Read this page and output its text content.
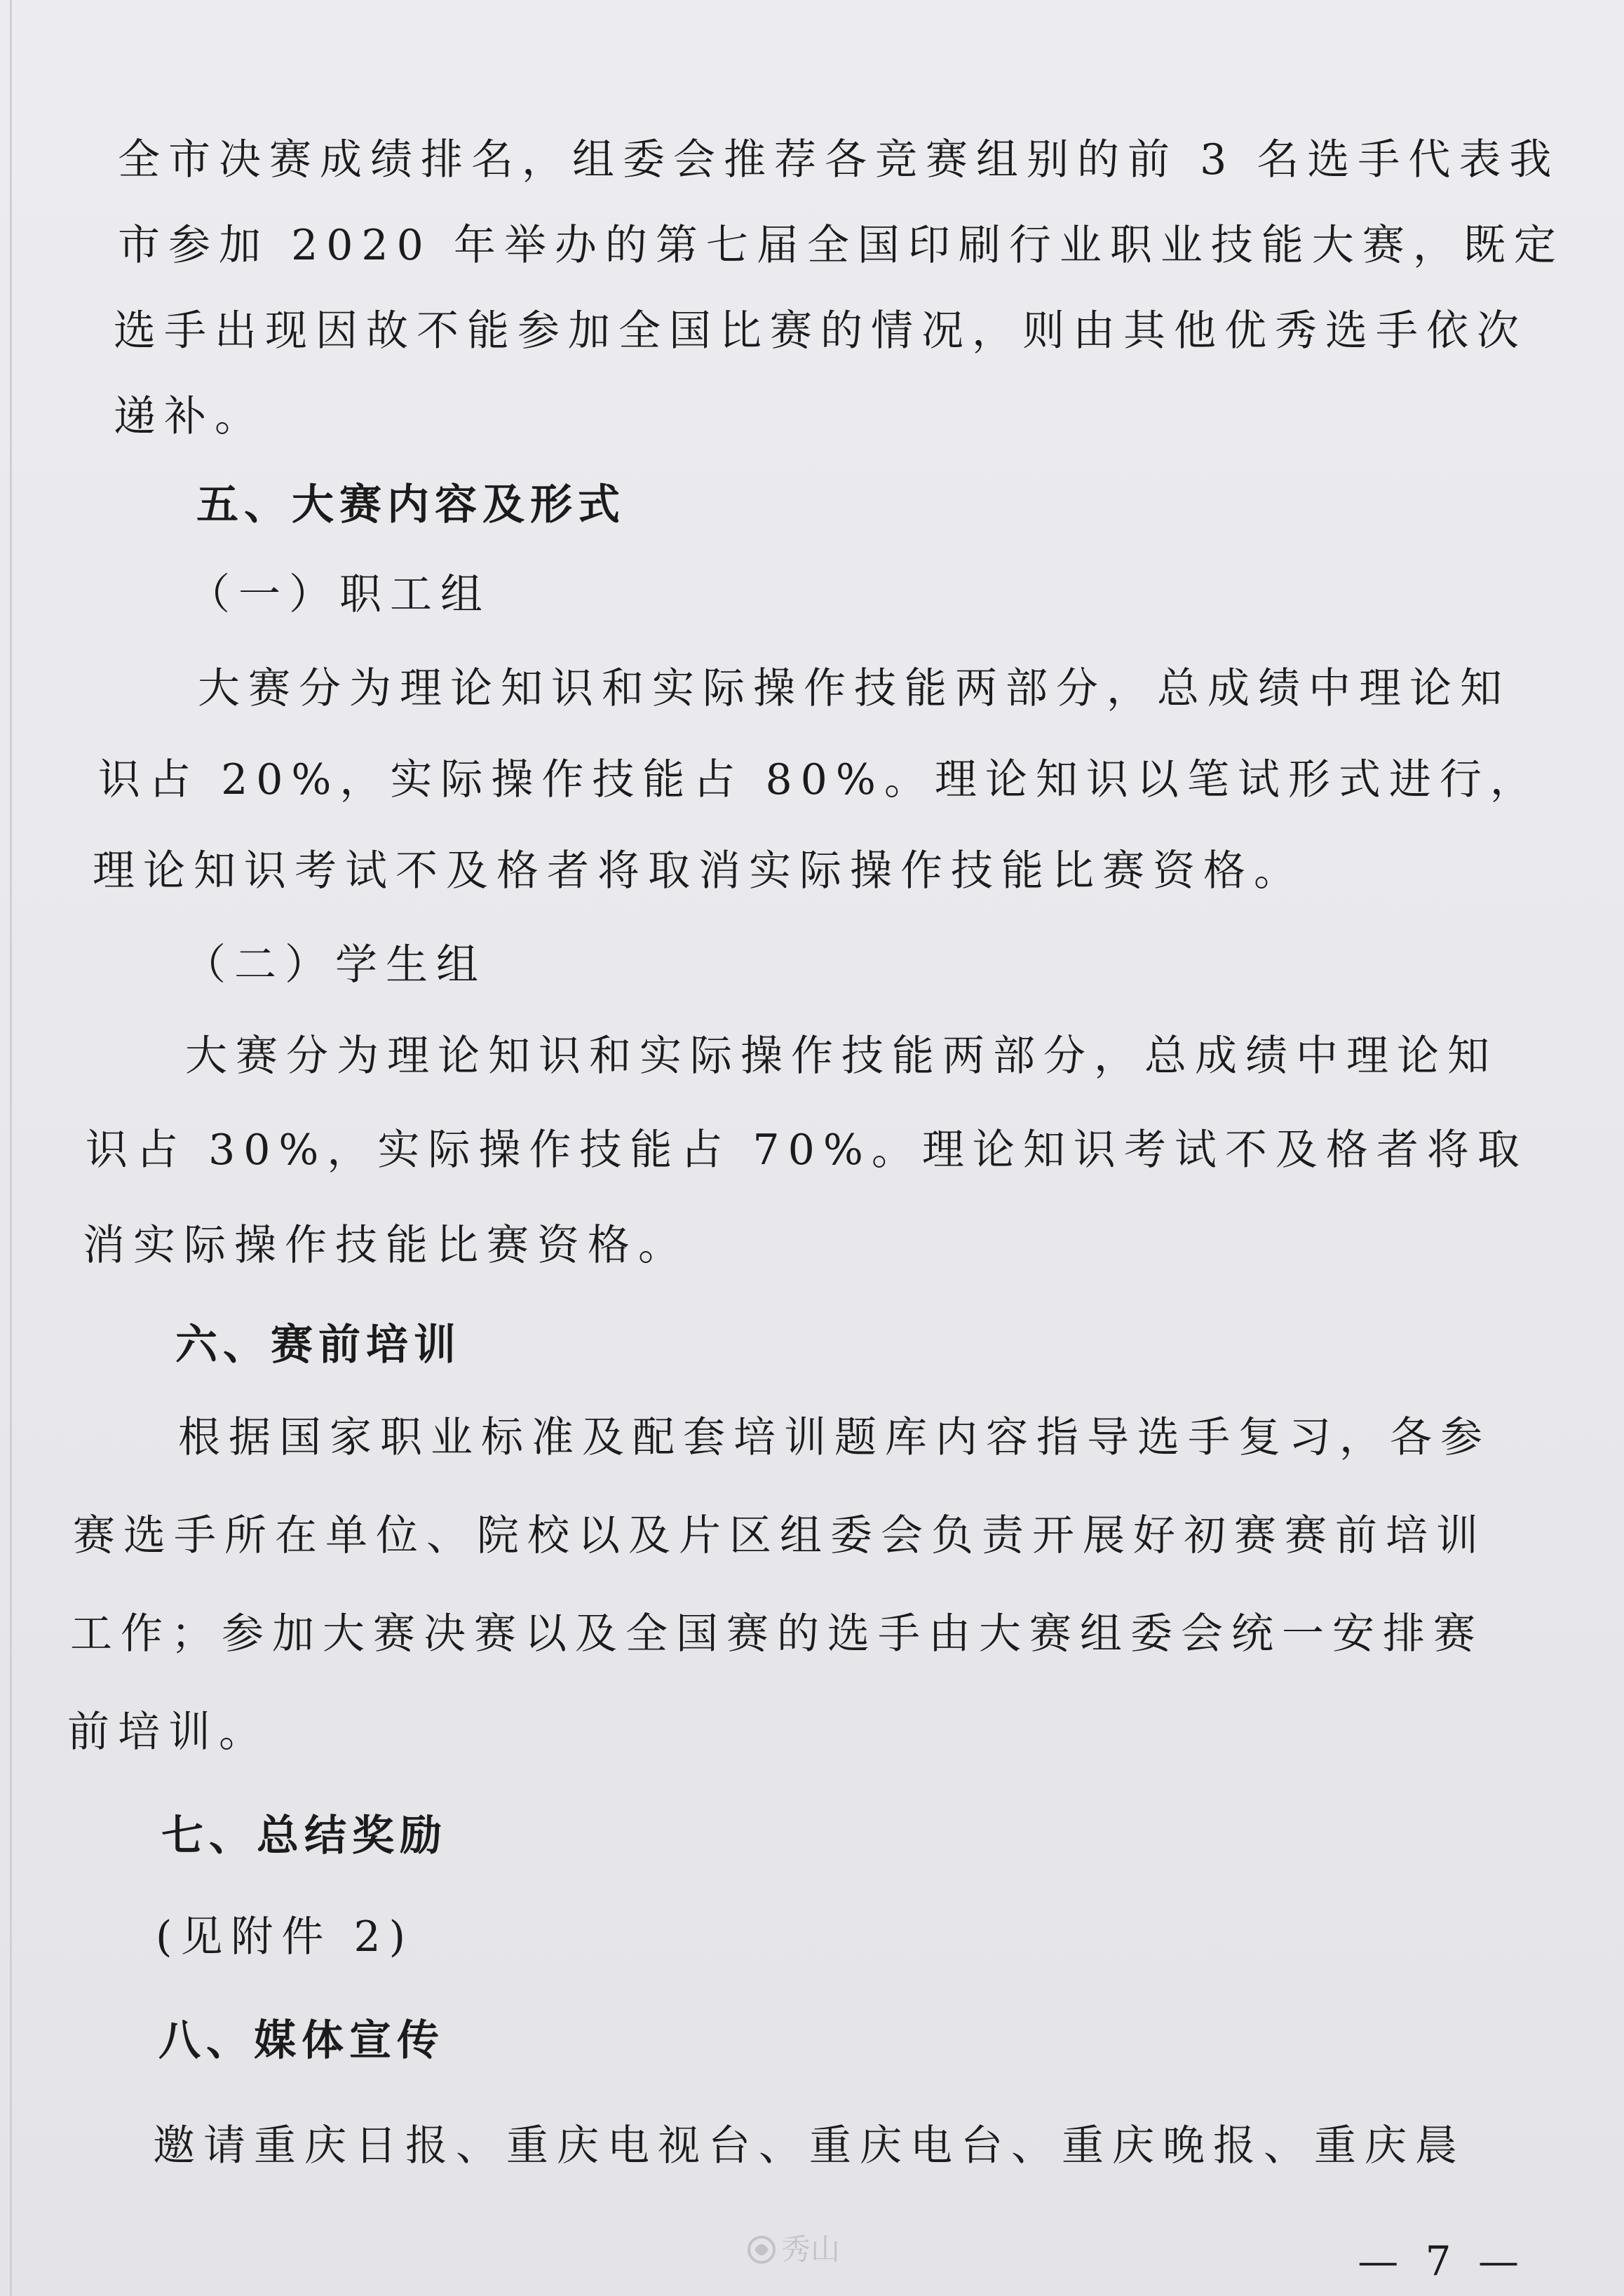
全市决赛成绩排名，组委会推荐各竞赛组别的前 3 名选手代表我
市参加 2020 年举办的第七届全国印刷行业职业技能大赛，既定
选手出现因故不能参加全国比赛的情况，则由其他优秀选手依次
递补。
五、大赛内容及形式
（一）职工组
大赛分为理论知识和实际操作技能两部分，总成绩中理论知
识占 20%，实际操作技能占 80%。理论知识以笔试形式进行，
理论知识考试不及格者将取消实际操作技能比赛资格。
（二）学生组
大赛分为理论知识和实际操作技能两部分，总成绩中理论知
识占 30%，实际操作技能占 70%。理论知识考试不及格者将取
消实际操作技能比赛资格。
六、赛前培训
根据国家职业标准及配套培训题库内容指导选手复习，各参
赛选手所在单位、院校以及片区组委会负责开展好初赛赛前培训
工作；参加大赛决赛以及全国赛的选手由大赛组委会统一安排赛
前培训。
七、总结奖励
(见附件 2)
八、媒体宣传
邀请重庆日报、重庆电视台、重庆电台、重庆晚报、重庆晨
秀山	— 7 —
